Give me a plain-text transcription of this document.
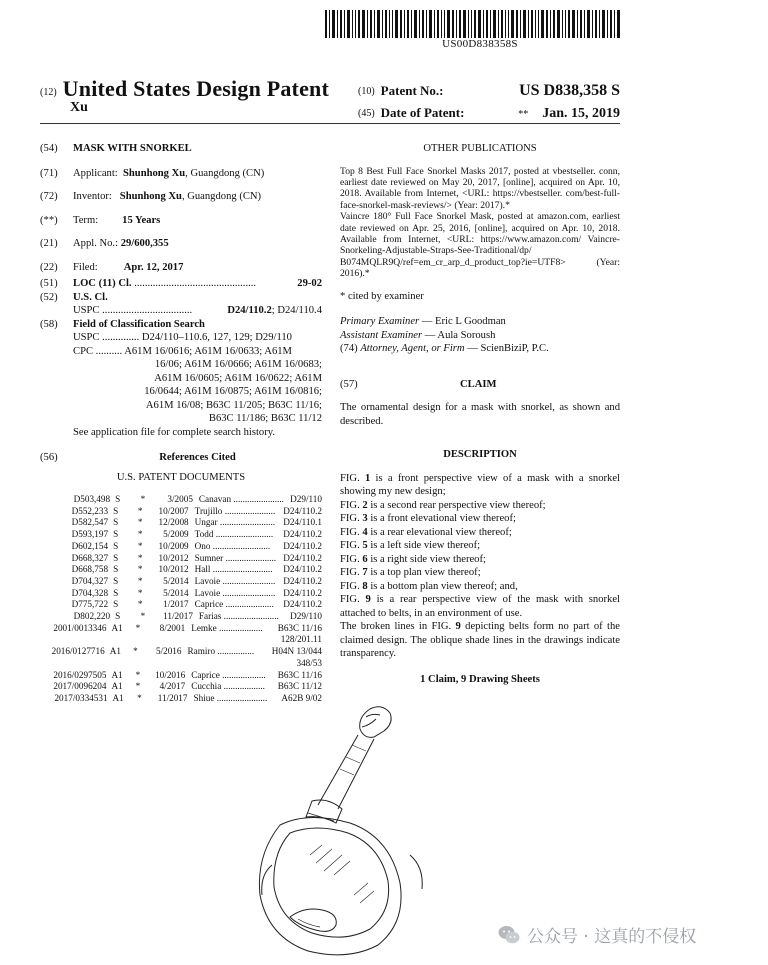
US00D838358S
(12) United States Design Patent
Xu
(10) Patent No.:	US D838,358 S
(45) Date of Patent:	** Jan. 15, 2019
(54)	MASK WITH SNORKEL
(71)	Applicant: Shunhong Xu, Guangdong (CN)
(72)	Inventor: Shunhong Xu, Guangdong (CN)
(**)	Term: 15 Years
(21)	Appl. No.: 29/600,355
(22)	Filed: Apr. 12, 2017
(51)	LOC (11) Cl. ..............................................	29-02
(52)	U.S. Cl.
USPC ..................................	D24/110.2; D24/110.4
(58)	Field of Classification Search
USPC .............. D24/110–110.6, 127, 129; D29/110
CPC .......... A61M 16/0616; A61M 16/0633; A61M
16/06; A61M 16/0666; A61M 16/0683;
A61M 16/0605; A61M 16/0622; A61M
16/0644; A61M 16/0875; A61M 16/0816;
A61M 16/08; B63C 11/205; B63C 11/16;
B63C 11/186; B63C 11/12
See application file for complete search history.
(56)	References Cited
U.S. PATENT DOCUMENTS
D503,498 S	*	3/2005 Canavan ...................... D29/110
D552,233 S	*	10/2007 Trujillo ...................... D24/110.2
D582,547 S	*	12/2008 Ungar ........................ D24/110.1
D593,197 S	*	5/2009 Todd .........................	D24/110.2
D602,154 S	*	10/2009 Ono .........................	D24/110.2
D668,327 S	*	10/2012 Sumner ...................... D24/110.2
D668,758 S	*	10/2012 Hall ..........................	D24/110.2
D704,327 S	*	5/2014 Lavoie ....................... D24/110.2
D704,328 S	*	5/2014 Lavoie ....................... D24/110.2
D775,722 S	*	1/2017 Caprice .....................	D24/110.2
D802,220 S	*	11/2017 Farias ........................	D29/110
2001/0013346 A1	*	8/2001 Lemke ...................	B63C 11/16
128/201.11
2016/0127716 A1	*	5/2016 Ramiro ................	H04N 13/044
348/53
2016/0297505 A1	*	10/2016 Caprice ...................	B63C 11/16
2017/0096204 A1	*	4/2017 Cucchia ..................	B63C 11/12
2017/0334531 A1	*	11/2017 Shiue ......................	A62B 9/02
OTHER PUBLICATIONS
Top 8 Best Full Face Snorkel Masks 2017, posted at vbestseller. conn, earliest date reviewed on May 20, 2017, [online], acquired on Apr. 10, 2018. Available from Internet, <URL: https://vbestseller. com/best-full-face-snorkel-mask-reviews/> (Year: 2017).*
Vaincre 180° Full Face Snorkel Mask, posted at amazon.com, earliest date reviewed on Apr. 25, 2016, [online], acquired on Apr. 10, 2018. Available from Internet, <URL: https://www.amazon.com/ Vaincre-Snorkeling-Adjustable-Straps-See-Traditional/dp/ B074MQLR9Q/ref=em_cr_arp_d_product_top?ie=UTF8> (Year: 2016).*
* cited by examiner
Primary Examiner — Eric L Goodman
Assistant Examiner — Aula Soroush
(74) Attorney, Agent, or Firm — ScienBiziP, P.C.
(57)	CLAIM
The ornamental design for a mask with snorkel, as shown and described.
DESCRIPTION
FIG. 1 is a front perspective view of a mask with a snorkel showing my new design;
FIG. 2 is a second rear perspective view thereof;
FIG. 3 is a front elevational view thereof;
FIG. 4 is a rear elevational view thereof;
FIG. 5 is a left side view thereof;
FIG. 6 is a right side view thereof;
FIG. 7 is a top plan view thereof;
FIG. 8 is a bottom plan view thereof; and,
FIG. 9 is a rear perspective view of the mask with snorkel attached to belts, in an environment of use.
The broken lines in FIG. 9 depicting belts form no part of the claimed design. The oblique shade lines in the drawings indicate transparency.
1 Claim, 9 Drawing Sheets
公众号 · 这真的不侵权
